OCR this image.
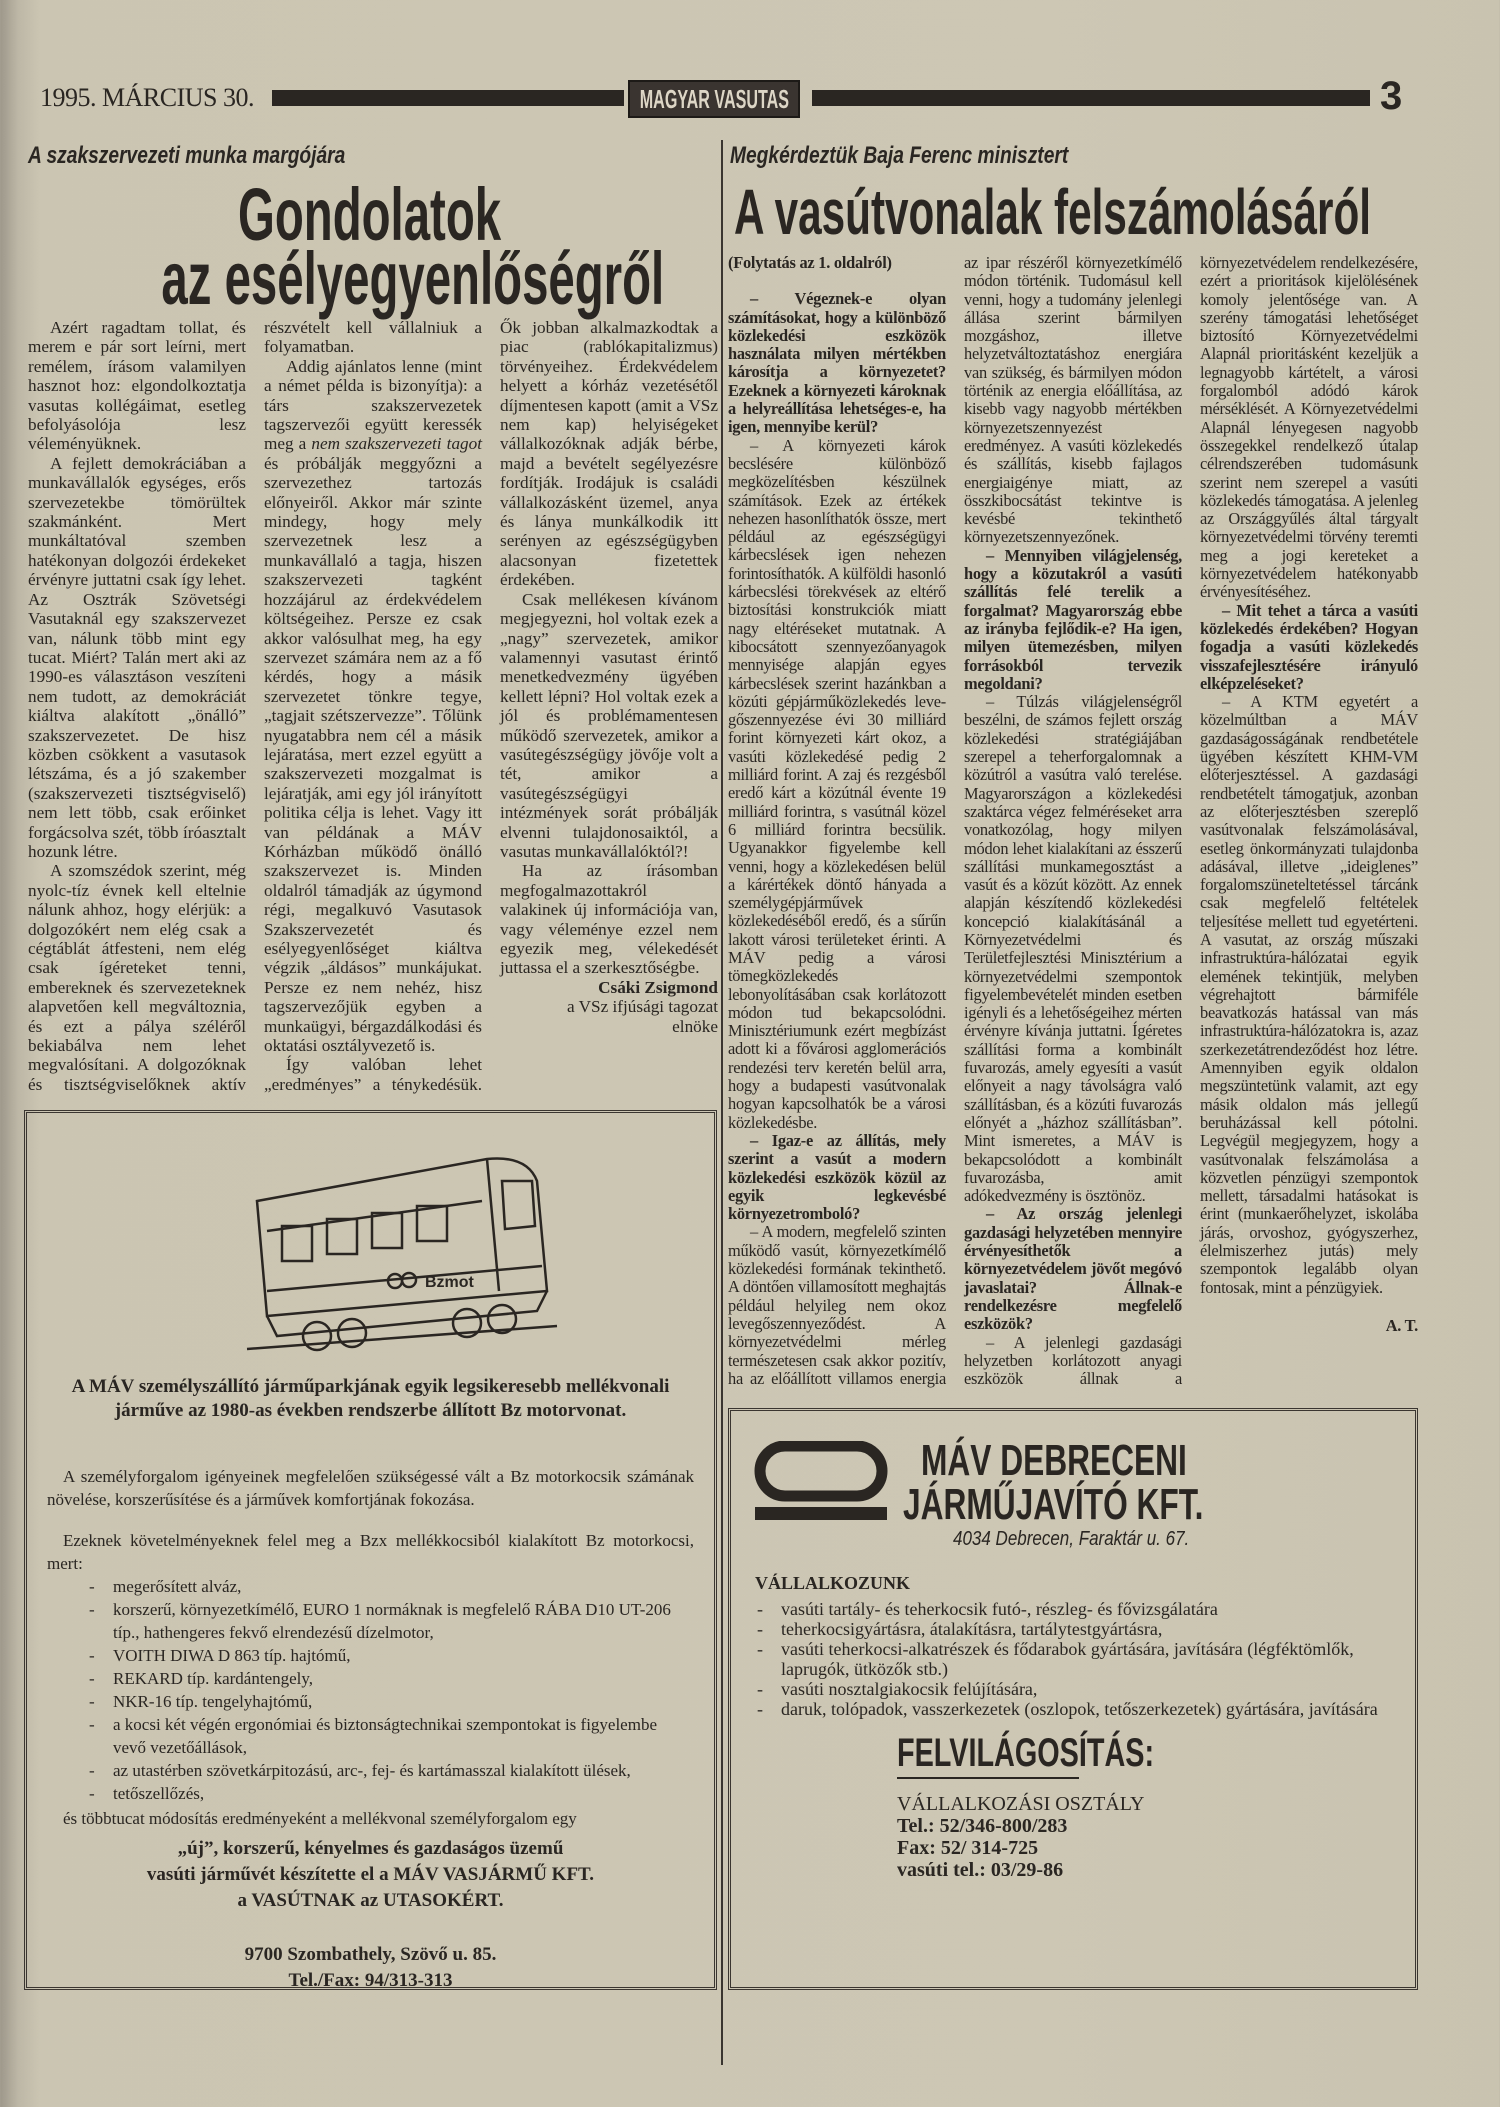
1995. MÁRCIUS 30.	MAGYAR VASUTAS	3
A szakszervezeti munka margójára
Gondolatok
az esélyegyenlőségről

Azért ragadtam tollat, és merem e pár sort leírni, mert remélem, írásom valamilyen hasznot hoz: elgondolkoztatja vasutas kollégáimat, esetleg befolyásolója lesz véleményüknek.

A fejlett demokráciában a munkavállalók egységes, erős szervezetekbe tömörültek szakmánként. Mert munkáltatóval szemben hatékonyan dolgozói érdekeket érvényre juttatni csak így lehet. Az Osztrák Szövetségi Vasutaknál egy szakszervezet van, nálunk több mint egy tucat. Miért? Talán mert aki az 1990-es választáson veszíteni nem tudott, az demokráciát kiáltva alakított „önálló” szakszervezetet. De hisz közben csökkent a vasutasok létszáma, és a jó szakember (szakszervezeti tisztségviselő) nem lett több, csak erőinket forgácsolva szét, több íróasztalt hozunk létre.

A szomszédok szerint, még nyolc-tíz évnek kell eltelnie nálunk ahhoz, hogy elérjük: a dolgozókért nem elég csak a cégtáblát átfesteni, nem elég csak ígéreteket tenni, embereknek és szervezeteknek alapvetően kell megváltoznia, és ezt a pálya széléről bekiabálva nem lehet megvalósítani. A dolgozóknak és tisztségviselőknek aktív részvételt kell vállalniuk a folyamatban.

Addig ajánlatos lenne (mint a német példa is bizonyítja): a társ szakszervezetek tagszervezői együtt keressék meg a nem szakszervezeti tagot és próbálják meggyőzni a szervezethez tartozás előnyeiről. Akkor már szinte mindegy, hogy mely szervezetnek lesz a munkavállaló a tagja, hiszen szakszervezeti tagként hozzájárul az érdekvédelem költségeihez. Persze ez csak akkor valósulhat meg, ha egy szervezet számára nem az a fő kérdés, hogy a másik szervezetet tönkre tegye, „tagjait szétszervezze”. Tőlünk nyugatabbra nem cél a másik lejáratása, mert ezzel együtt a szakszervezeti mozgalmat is lejáratják, ami egy jól irányított politika célja is lehet. Vagy itt van példának a MÁV Kórházban működő önálló szakszervezet is. Minden oldalról támadják az úgymond régi, megalkuvó Vasutasok Szakszervezetét és esélyegyenlőséget kiáltva végzik „áldásos” munkájukat. Persze ez nem nehéz, hisz tagszervezőjük egyben a munkaügyi, bérgazdálkodási és oktatási osztályvezető is.

Így valóban lehet „eredményes” a ténykedésük. Ők jobban alkalmazkodtak a piac (rablókapitalizmus) törvényeihez. Érdekvédelem helyett a kórház vezetésétől díjmentesen kapott (amit a VSz nem kap) helyiségeket vállalkozóknak adják bérbe, majd a bevételt segélyezésre fordítják. Irodájuk is családi vállalkozásként üzemel, anya és lánya munkálkodik itt serényen az egészségügyben alacsonyan fizetettek érdekében.

Csak mellékesen kívánom megjegyezni, hol voltak ezek a „nagy” szervezetek, amikor valamennyi vasutast érintő menetkedvezmény ügyében kellett lépni? Hol voltak ezek a jól és problémamentesen működő szervezetek, amikor a vasútegészségügy jövője volt a tét, amikor a vasútegészségügyi intézmények sorát próbálják elvenni tulajdonosaiktól, a vasutas munkavállalóktól?!

Ha az írásomban megfogalmazottakról valakinek új információja van, vagy véleménye ezzel nem egyezik meg, vélekedését juttassa el a szerkesztőségbe.

Csáki Zsigmond

a VSz ifjúsági tagozat

elnöke

Megkérdeztük Baja Ferenc minisztert
A vasútvonalak felszámolásáról

(Folytatás az 1. oldalról)

– Végeznek-e olyan számításokat, hogy a különböző közlekedési eszközök használata milyen mértékben károsítja a környezetet? Ezeknek a környezeti károknak a helyreállítása lehetséges-e, ha igen, mennyibe kerül?

– A környezeti károk becslésére különböző megközelítésben készülnek számítások. Ezek az értékek nehezen hasonlíthatók össze, mert például az egészségügyi kárbecslések igen nehezen forintosíthatók. A külföldi hasonló kárbecslési törekvések az eltérő biztosítási konstrukciók miatt nagy eltéréseket mutatnak. A kibocsátott szennyezőanyagok mennyisége alapján egyes kárbecslések szerint hazánkban a közúti gépjárműközlekedés leve-gőszennyezése évi 30 milliárd forint környezeti kárt okoz, a vasúti közlekedésé pedig 2 milliárd forint. A zaj és rezgésből eredő kárt a közútnál évente 19 milliárd forintra, s vasútnál közel 6 milliárd forintra becsülik. Ugyanakkor figyelembe kell venni, hogy a közlekedésen belül a kárértékek döntő hányada a személygépjárművek közlekedéséből eredő, és a sűrűn lakott városi területeket érinti. A MÁV pedig a városi tömegközlekedés lebonyolításában csak korlátozott módon tud bekapcsolódni. Minisztériumunk ezért megbízást adott ki a fővárosi agglomerációs rendezési terv keretén belül arra, hogy a budapesti vasútvonalak hogyan kapcsolhatók be a városi közlekedésbe.

– Igaz-e az állítás, mely szerint a vasút a modern közlekedési eszközök közül az egyik legkevésbé környezetromboló?

– A modern, megfelelő szinten működő vasút, környezetkímélő közlekedési formának tekinthető. A döntően villamosított meghajtás például helyileg nem okoz levegőszennyeződést. A környezetvédelmi mérleg természetesen csak akkor pozitív, ha az előállított villamos energia az ipar részéről környezetkímélő módon történik. Tudomásul kell venni, hogy a tudomány jelenlegi állása szerint bármilyen mozgáshoz, illetve helyzetváltoztatáshoz energiára van szükség, és bármilyen módon történik az energia előállítása, az kisebb vagy nagyobb mértékben környezetszennyezést eredményez. A vasúti közlekedés és szállítás, kisebb fajlagos energiaigénye miatt, az összkibocsátást tekintve is kevésbé tekinthető környezetszennyezőnek.

– Mennyiben világjelenség, hogy a közutakról a vasúti szállítás felé terelik a forgalmat? Magyarország ebbe az irányba fejlődik-e? Ha igen, milyen ütemezésben, milyen forrásokból tervezik megoldani?

– Túlzás világjelenségről beszélni, de számos fejlett ország közlekedési stratégiájában szerepel a teherforgalomnak a közútról a vasútra való terelése. Magyarországon a közlekedési szaktárca végez felméréseket arra vonatkozólag, hogy milyen módon lehet kialakítani az ésszerű szállítási munkamegosztást a vasút és a közút között. Az ennek alapján készítendő közlekedési koncepció kialakításánál a Környezetvédelmi és Területfejlesztési Minisztérium a környezetvédelmi szempontok figyelembevételét minden esetben igényli és a lehetőségeihez mérten érvényre kívánja juttatni. Ígéretes szállítási forma a kombinált fuvarozás, amely egyesíti a vasút előnyeit a nagy távolságra való szállításban, és a közúti fuvarozás előnyét a „házhoz szállításban”. Mint ismeretes, a MÁV is bekapcsolódott a kombinált fuvarozásba, amit adókedvezmény is ösztönöz.

– Az ország jelenlegi gazdasági helyzetében mennyire érvényesíthetők a környezetvédelem jövőt megóvó javaslatai? Állnak-e rendelkezésre megfelelő eszközök?

– A jelenlegi gazdasági helyzetben korlátozott anyagi eszközök állnak a környezetvédelem rendelkezésére, ezért a prioritások kijelölésének komoly jelentősége van. A szerény támogatási lehetőséget biztosító Környezetvédelmi Alapnál prioritásként kezeljük a legnagyobb kártételt, a városi forgalomból adódó károk mérséklését. A Környezetvédelmi Alapnál lényegesen nagyobb összegekkel rendelkező útalap célrendszerében tudomásunk szerint nem szerepel a vasúti közlekedés támogatása. A jelenleg az Országgyűlés által tárgyalt környezetvédelmi törvény teremti meg a jogi kereteket a környezetvédelem hatékonyabb érvényesítéséhez.

– Mit tehet a tárca a vasúti közlekedés érdekében? Hogyan fogadja a vasúti közlekedés visszafejlesztésére irányuló elképzeléseket?

– A KTM egyetért a közelmúltban a MÁV gazdaságosságának rendbetétele ügyében készített KHM-VM előterjesztéssel. A gazdasági rendbetételt támogatjuk, azonban az előterjesztésben szereplő vasútvonalak felszámolásával, esetleg önkormányzati tulajdonba adásával, illetve „ideiglenes” forgalomszüneteltetéssel tárcánk csak megfelelő feltételek teljesítése mellett tud egyetérteni. A vasutat, az ország műszaki infrastruktúra-hálózatai egyik elemének tekintjük, melyben végrehajtott bármiféle beavatkozás hatással van más infrastruktúra-hálózatokra is, azaz szerkezetátrendeződést hoz létre. Amennyiben egyik oldalon megszüntetünk valamit, azt egy másik oldalon más jellegű beruházással kell pótolni. Legvégül megjegyzem, hogy a vasútvonalak felszámolása a közvetlen pénzügyi szempontok mellett, társadalmi hatásokat is érint (munkaerőhelyzet, iskolába járás, orvoshoz, gyógyszerhez, élelmiszerhez jutás) mely szempontok legalább olyan fontosak, mint a pénzügyiek.

A. T.

Bzmot
A MÁV személyszállító járműparkjának egyik legsikeresebb mellékvonali járműve az 1980-as években rendszerbe állított Bz motorvonat.

A személyforgalom igényeinek megfelelően szükségessé vált a Bz motorkocsik számának növelése, korszerűsítése és a járművek komfortjának fokozása.

Ezeknek követelményeknek felel meg a Bzx mellékkocsiból kialakított Bz motorkocsi, mert:

- megerősített alváz,
- korszerű, környezetkímélő, EURO 1 normáknak is megfelelő RÁBA D10 UT-206 típ., hathengeres fekvő elrendezésű dízelmotor,
- VOITH DIWA D 863 típ. hajtómű,
- REKARD típ. kardántengely,
- NKR-16 típ. tengelyhajtómű,
- a kocsi két végén ergonómiai és biztonságtechnikai szempontokat is figyelembe vevő vezetőállások,
- az utastérben szövetkárpitozású, arc-, fej- és kartámasszal kialakított ülések,
- tetőszellőzés,

és többtucat módosítás eredményeként a mellékvonal személyforgalom egy

„új”, korszerű, kényelmes és gazdaságos üzemű
vasúti járművét készítette el a MÁV VASJÁRMŰ KFT.
a VASÚTNAK az UTASOKÉRT.
9700 Szombathely, Szövő u. 85.
Tel./Fax: 94/313-313
MÁV DEBRECENI
JÁRMŰJAVÍTÓ KFT.
4034 Debrecen, Faraktár u. 67.
VÁLLALKOZUNK
- vasúti tartály- és teherkocsik futó-, részleg- és fővizsgálatára
- teherkocsigyártásra, átalakításra, tartálytestgyártásra,
- vasúti teherkocsi-alkatrészek és fődarabok gyártására, javítására (légféktömlők, laprugók, ütközők stb.)
- vasúti nosztalgiakocsik felújítására,
- daruk, tolópadok, vasszerkezetek (oszlopok, tetőszerkezetek) gyártására, javítására
FELVILÁGOSÍTÁS:
VÁLLALKOZÁSI OSZTÁLY
Tel.: 52/346-800/283
Fax: 52/ 314-725
vasúti tel.: 03/29-86
